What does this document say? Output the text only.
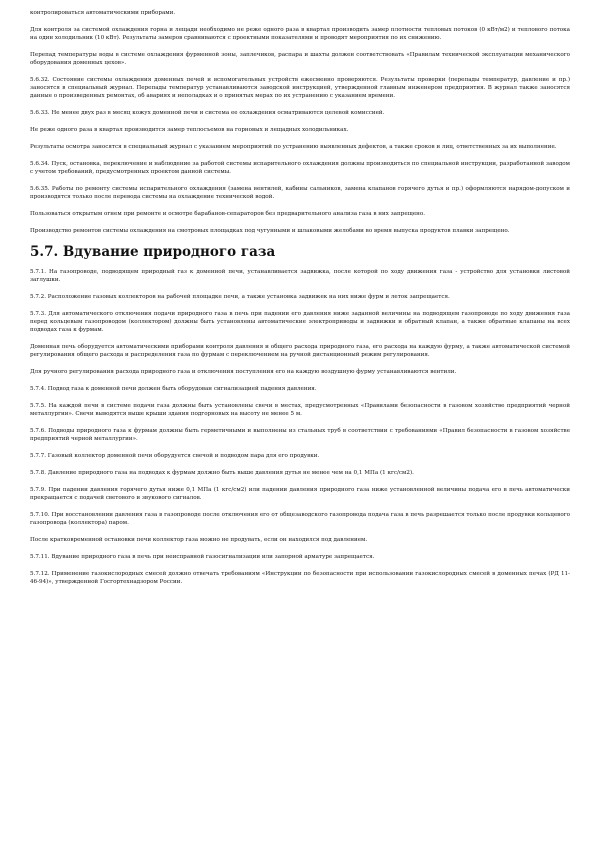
контролироваться автоматическими приборами.

Для контроля за системой охлаждения горна и лещади необходимо не реже одного раза в квартал производить замер плотности тепловых потоков (0 кВт/м2) и теплового потока на один холодильник (10 кВт). Результаты замеров сравниваются с проектными показателями и проводят мероприятия по их снижению.

Перепад температуры воды в системе охлаждения фурменной зоны, заплечиков, распара и шахты должен соответствовать «Правилам технической эксплуатации механического оборудования доменных цехов».

5.6.32. Состояние системы охлаждения доменных печей и вспомогательных устройств ежесменно проверяются. Результаты проверки (перепады температур, давление и пр.) заносятся в специальный журнал. Перепады температур устанавливаются заводской инструкцией, утвержденной главным инженером предприятия. В журнал также заносятся данные о произведенных ремонтах, об авариях и неполадках и о принятых мерах по их устранению с указанием времени.

5.6.33. Не менее двух раз в месяц кожух доменной печи и система ее охлаждения осматриваются целевой комиссией.

Не реже одного раза в квартал производится замер теплосъемов на горновых и лещадных холодильниках.

Результаты осмотра заносятся в специальный журнал с указанием мероприятий по устранению выявленных дефектов, а также сроков и лиц, ответственных за их выполнение.

5.6.34. Пуск, остановка, переключение и наблюдение за работой системы испарительного охлаждения должны производиться по специальной инструкции, разработанной заводом с учетом требований, предусмотренных проектом данной системы.

5.6.35. Работы по ремонту системы испарительного охлаждения (замена вентилей, кабины сальников, замена клапанов горячего дутья и пр.) оформляются нарядом-допуском и производятся только после перевода системы на охлаждение технической водой.

Пользоваться открытым огнем при ремонте и осмотре барабанов-сепараторов без предварительного анализа газа в них запрещено.

Производство ремонтов системы охлаждения на смотровых площадках под чугунными и шлаковыми желобами во время выпуска продуктов плавки запрещено.

5.7. Вдувание природного газа

5.7.1. На газопроводе, подводящем природный газ к доменной печи, устанавливается задвижка, после которой по ходу движения газа - устройство для установки листовой заглушки.

5.7.2. Расположение газовых коллекторов на рабочей площадке печи, а также установка задвижек на них ниже фурм и леток запрещается.

5.7.3. Для автоматического отключения подачи природного газа в печь при падении его давления ниже заданной величины на подводящем газопроводе по ходу движения газа перед кольцевым газопроводом (коллектором) должны быть установлены автоматические электроприводы и задвижки и обратный клапан, а также обратные клапаны на всех подводах газа к фурмам.

Доменная печь оборудуется автоматическими приборами контроля давления и общего расхода природного газа, его расхода на каждую фурму, а также автоматической системой регулирования общего расхода и распределения газа по фурмам с переключением на ручной дистанционный режим регулирования.

Для ручного регулирования расхода природного газа и отключения поступления его на каждую воздушную фурму устанавливаются вентили.

5.7.4. Подвод газа к доменной печи должен быть оборудован сигнализацией падения давления.

5.7.5. На каждой печи в системе подачи газа должны быть установлены свечи в местах, предусмотренных «Правилами безопасности в газовом хозяйстве предприятий черной металлургии». Свечи выводятся выше крыши здания подгорновых на высоту не менее 5 м.

5.7.6. Подводы природного газа к фурмам должны быть герметичными и выполнены из стальных труб в соответствии с требованиями «Правил безопасности в газовом хозяйстве предприятий черной металлургии».

5.7.7. Газовый коллектор доменной печи оборудуется свечой и подводом пара для его продувки.

5.7.8. Давление природного газа на подводах к фурмам должно быть выше давления дутья не менее чем на 0,1 МПа (1 кгс/см2).

5.7.9. При падении давления горячего дутья ниже 0,1 МПа (1 кгс/см2) или падении давления природного газа ниже установленной величины подача его в печь автоматически прекращается с подачей светового и звукового сигналов.

5.7.10. При восстановлении давления газа в газопроводе после отключения его от общезаводского газопровода подача газа в печь разрешается только после продувки кольцевого газопровода (коллектора) паром.

После кратковременной остановки печи коллектор газа можно не продувать, если он находился под давлением.

5.7.11. Вдувание природного газа в печь при неисправной газосигнализации или запорной арматуре запрещается.

5.7.12. Применение газокислородных смесей должно отвечать требованиям «Инструкции по безопасности при использовании газокислородных смесей в доменных печах (РД 11-46-94)», утвержденной Госгортехнадзором России.
